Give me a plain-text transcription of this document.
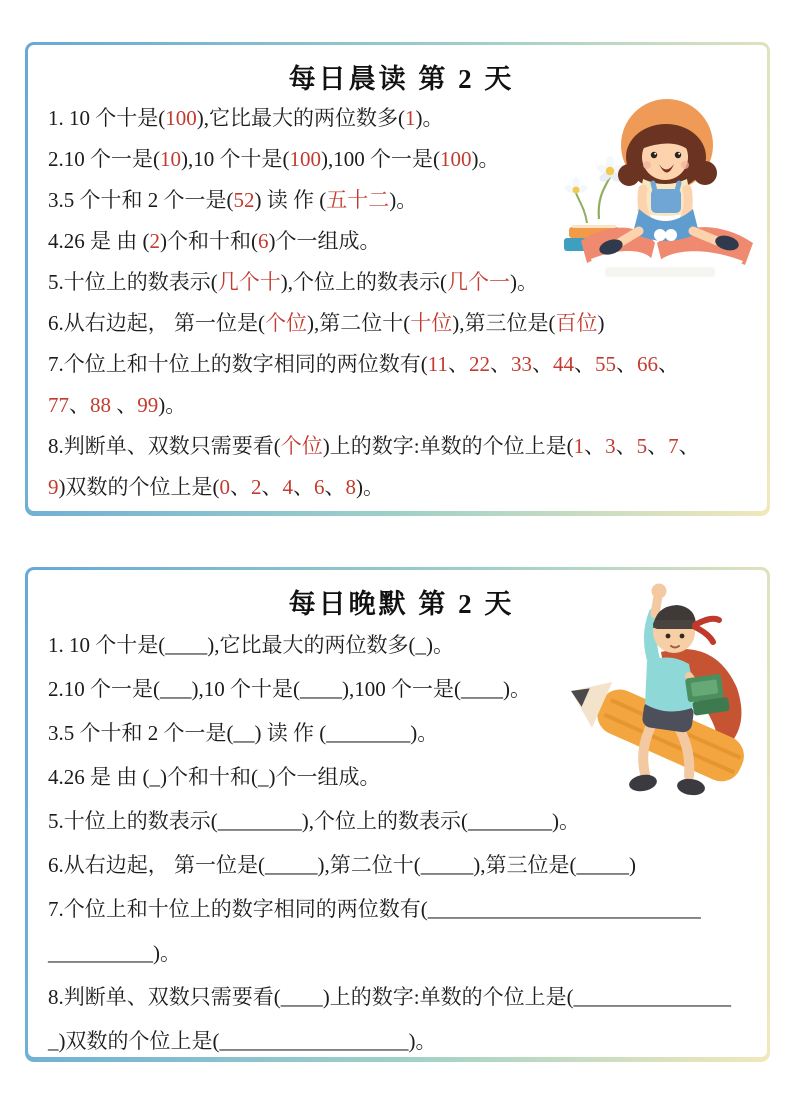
每日晨读 第 2 天

1. 10 个十是(100),它比最大的两位数多(1)。

2.10 个一是(10),10 个十是(100),100 个一是(100)。

3.5 个十和 2 个一是(52) 读 作 (五十二)。

4.26 是 由 (2)个和十和(6)个一组成。

5.十位上的数表示(几个十),个位上的数表示(几个一)。

6.从右边起， 第一位是(个位),第二位十(十位),第三位是(百位)

7.个位上和十位上的数字相同的两位数有(11、22、33、44、55、66、
77、88 、99)。

8.判断单、双数只需要看(个位)上的数字:单数的个位上是(1、3、5、7、
9)双数的个位上是(0、2、4、6、8)。

每日晚默 第 2 天

1. 10 个十是(____),它比最大的两位数多(_)。

2.10 个一是(___),10 个十是(____),100 个一是(____)。

3.5 个十和 2 个一是(__) 读 作 (________)。

4.26 是 由 (_)个和十和(_)个一组成。

5.十位上的数表示(________),个位上的数表示(________)。

6.从右边起， 第一位是(_____),第二位十(_____),第三位是(_____)

7.个位上和十位上的数字相同的两位数有(__________________________
__________)。

8.判断单、双数只需要看(____)上的数字:单数的个位上是(_______________
_)双数的个位上是(__________________)。
